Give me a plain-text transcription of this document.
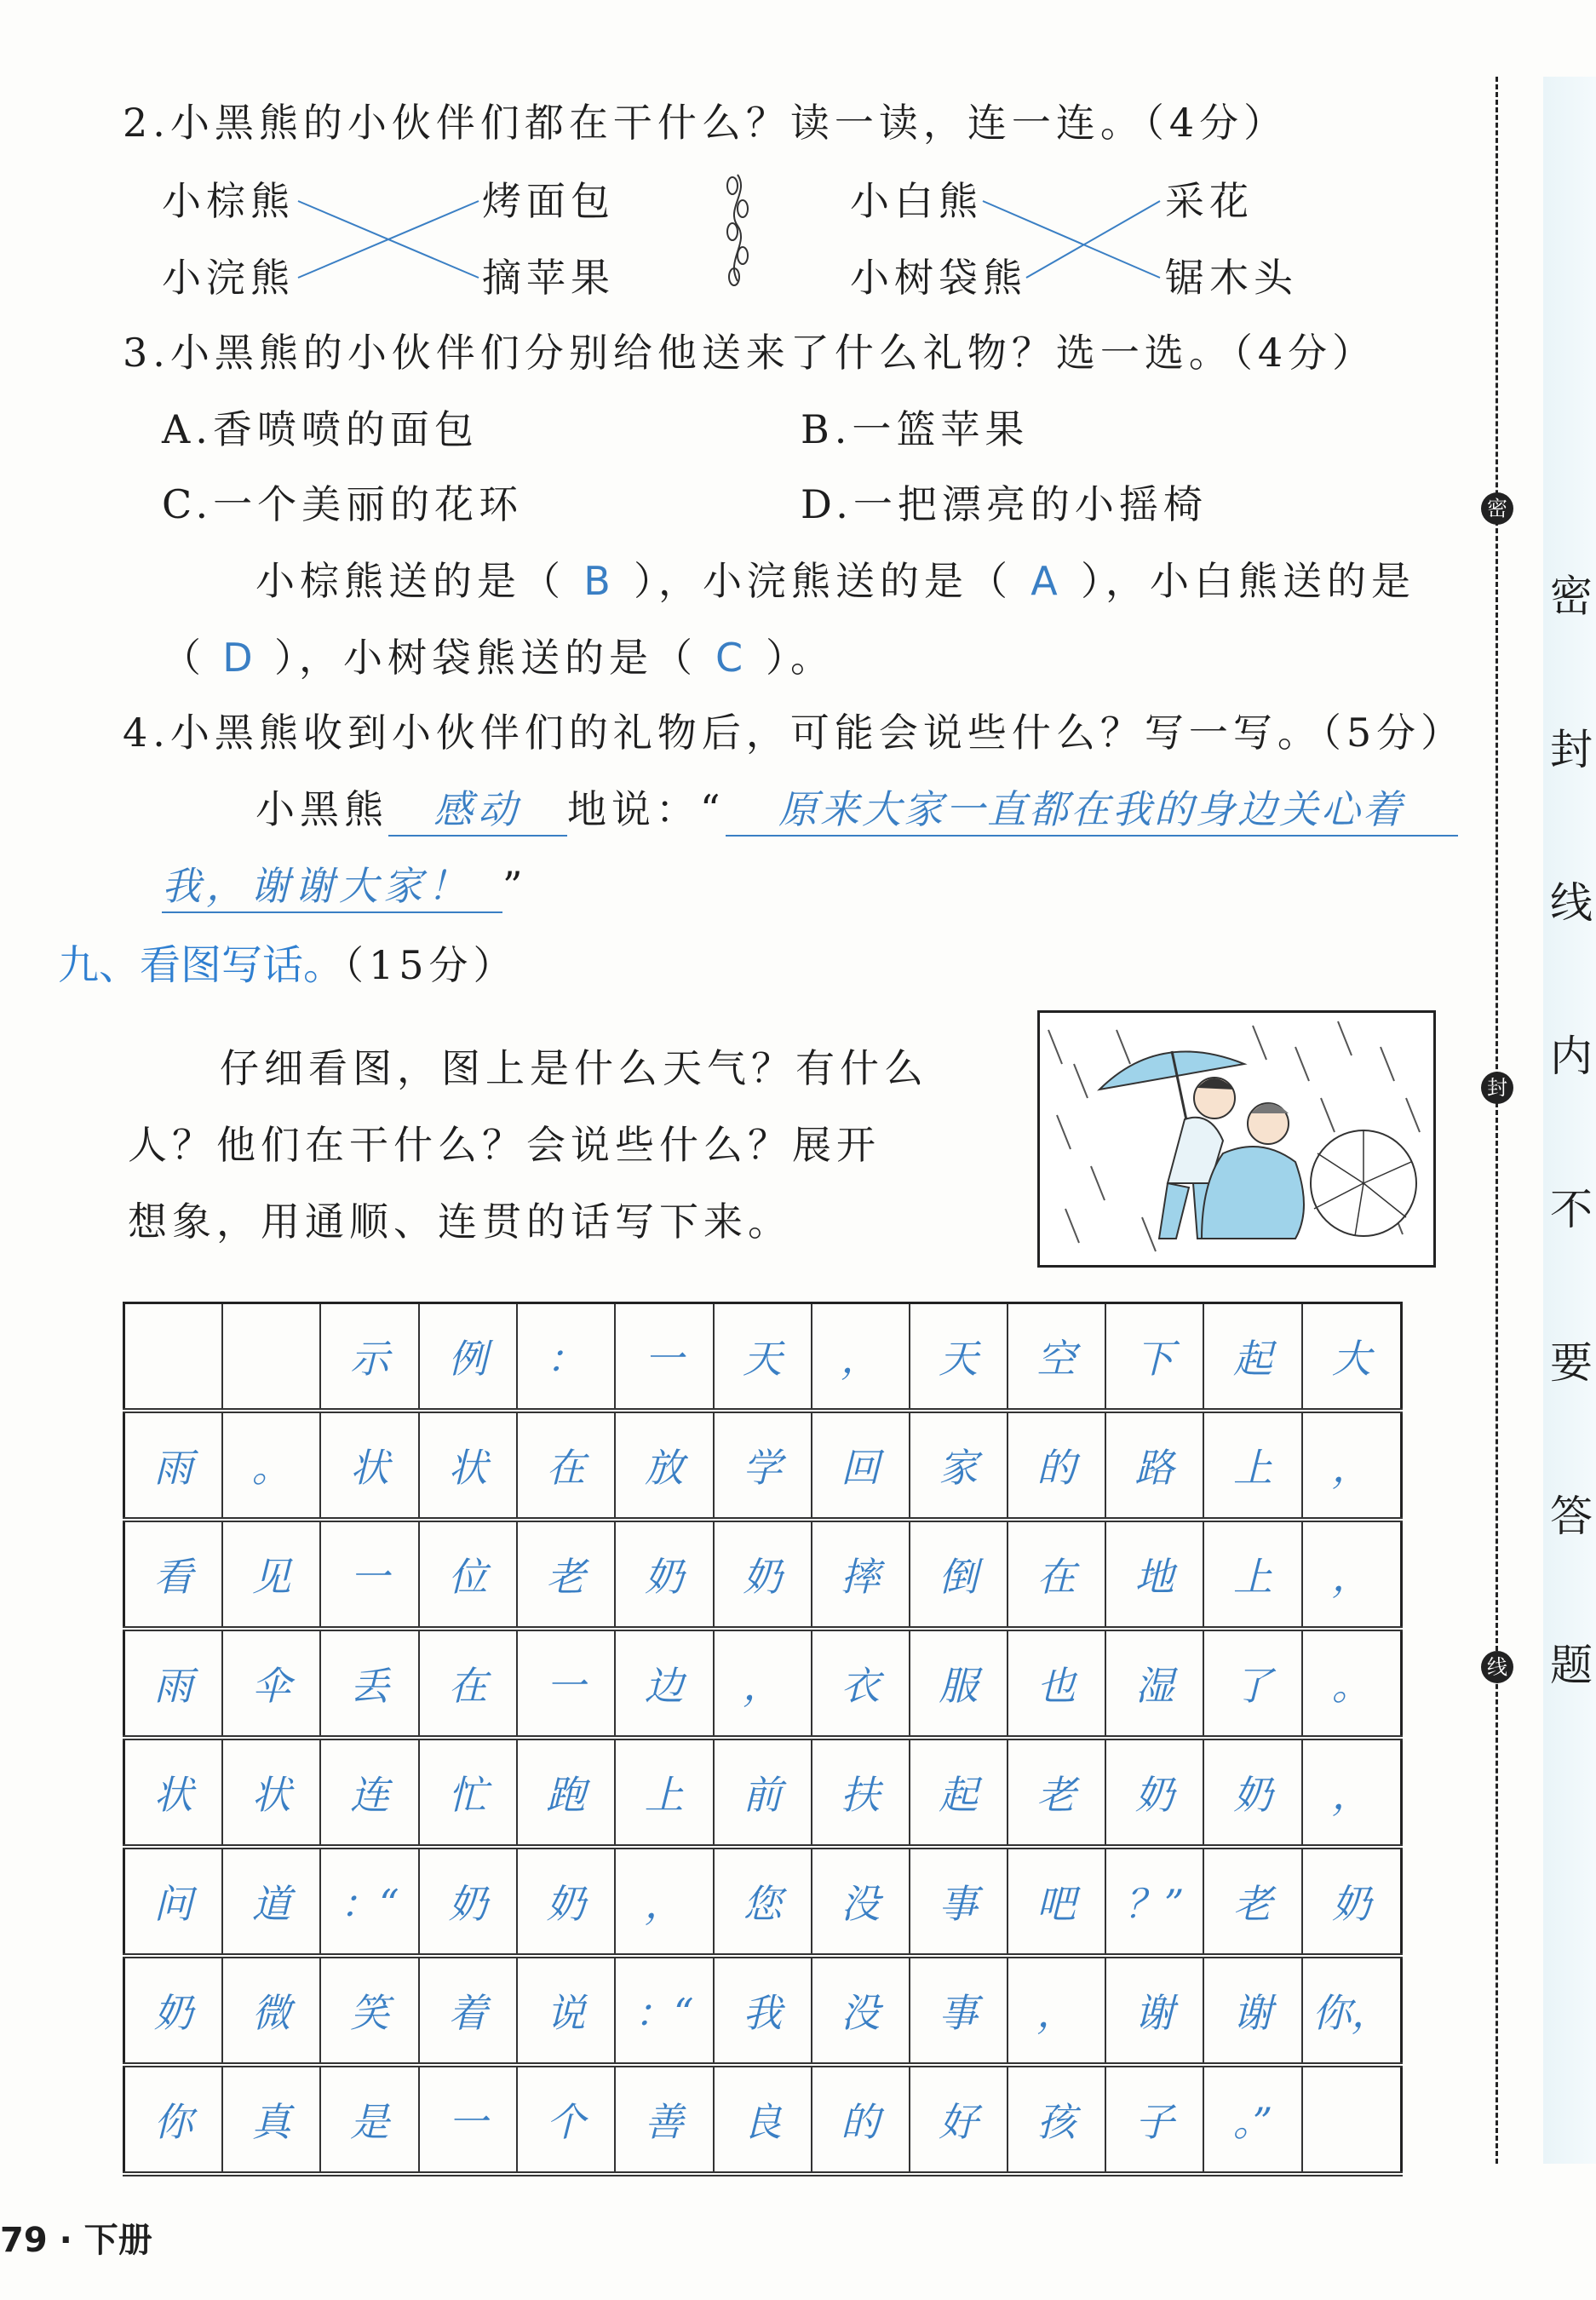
密
封
线
内
不
要
答
题
密
封
线
2.小黑熊的小伙伴们都在干什么？读一读，连一连。（4分）
小棕熊
小浣熊
烤面包
摘苹果
小白熊
小树袋熊
采花
锯木头
3.小黑熊的小伙伴们分别给他送来了什么礼物？选一选。（4分）
A.香喷喷的面包	B.一篮苹果
C.一个美丽的花环	D.一把漂亮的小摇椅
小棕熊送的是（ B ），小浣熊送的是（ A ），小白熊送的是
（ D ），小树袋熊送的是（ C ）。
4.小黑熊收到小伙伴们的礼物后，可能会说些什么？写一写。（5分）
小黑熊 感动 地说：“ 原来大家一直都在我的身边关心着
我，谢谢大家！ ”
九、看图写话。（15分）
仔细看图，图上是什么天气？有什么
人？他们在干什么？会说些什么？展开
想象，用通顺、连贯的话写下来。
		示	例	：	一	天	，	天	空	下	起	大
雨	。	状	状	在	放	学	回	家	的	路	上	，
看	见	一	位	老	奶	奶	摔	倒	在	地	上	，
雨	伞	丢	在	一	边	，	衣	服	也	湿	了	。
状	状	连	忙	跑	上	前	扶	起	老	奶	奶	，
问	道	：“	奶	奶	，	您	没	事	吧	？”	老	奶
奶	微	笑	着	说	：“	我	没	事	，	谢	谢	你，
你	真	是	一	个	善	良	的	好	孩	子	。”	
79 · 下册
